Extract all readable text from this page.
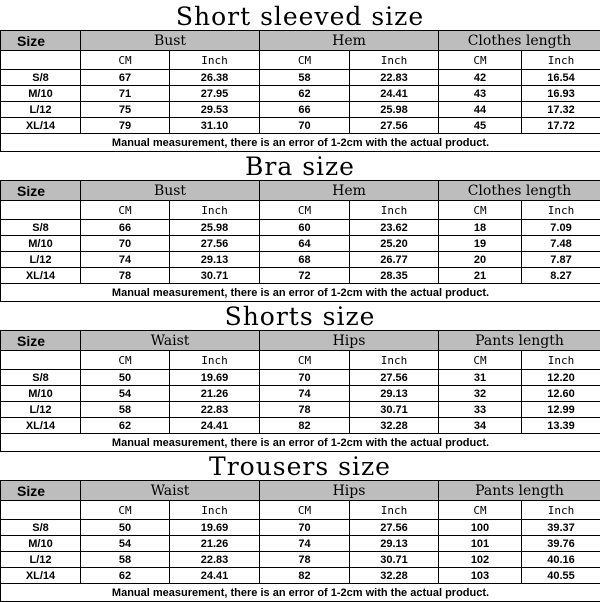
Short sleeved size
Size	Bust		Hem		Clothes length	
	CM	Inch	CM	Inch	CM	Inch
S/8	67	26.38	58	22.83	42	16.54
M/10	71	27.95	62	24.41	43	16.93
L/12	75	29.53	66	25.98	44	17.32
XL/14	79	31.10	70	27.56	45	17.72
Manual measurement, there is an error of 1-2cm with the actual product.						
Bra size
Size	Bust		Hem		Clothes length	
	CM	Inch	CM	Inch	CM	Inch
S/8	66	25.98	60	23.62	18	7.09
M/10	70	27.56	64	25.20	19	7.48
L/12	74	29.13	68	26.77	20	7.87
XL/14	78	30.71	72	28.35	21	8.27
Manual measurement, there is an error of 1-2cm with the actual product.						
Shorts size
Size	Waist		Hips		Pants length	
	CM	Inch	CM	Inch	CM	Inch
S/8	50	19.69	70	27.56	31	12.20
M/10	54	21.26	74	29.13	32	12.60
L/12	58	22.83	78	30.71	33	12.99
XL/14	62	24.41	82	32.28	34	13.39
Manual measurement, there is an error of 1-2cm with the actual product.						
Trousers size
Size	Waist		Hips		Pants length	
	CM	Inch	CM	Inch	CM	Inch
S/8	50	19.69	70	27.56	100	39.37
M/10	54	21.26	74	29.13	101	39.76
L/12	58	22.83	78	30.71	102	40.16
XL/14	62	24.41	82	32.28	103	40.55
Manual measurement, there is an error of 1-2cm with the actual product.						
